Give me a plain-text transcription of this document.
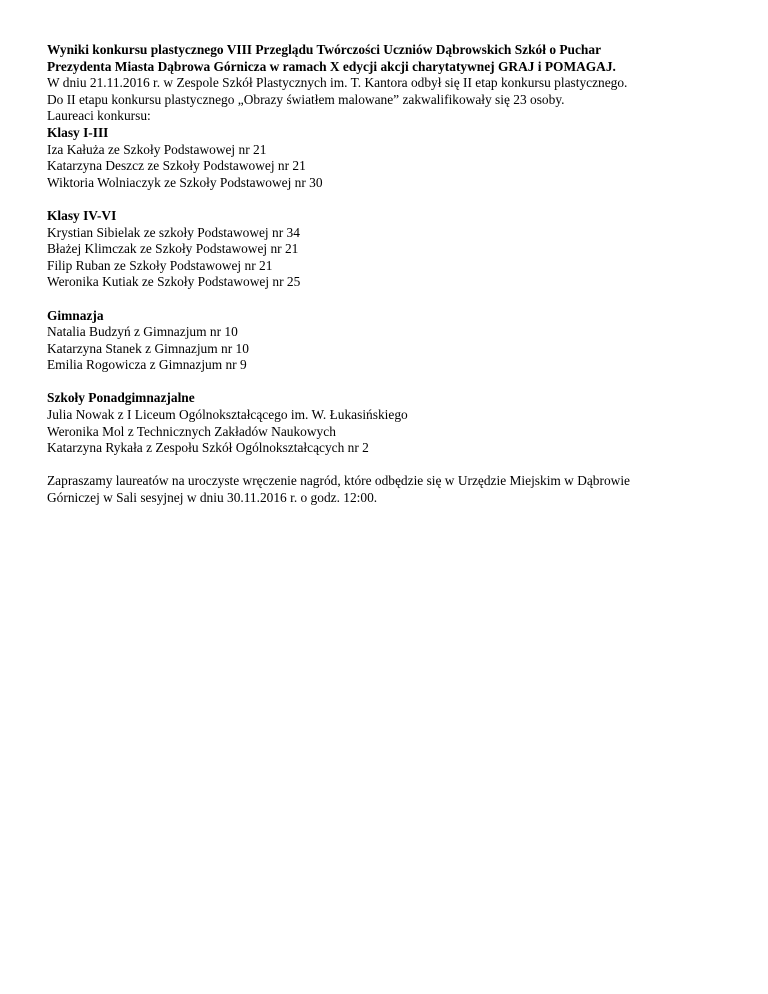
Wyniki konkursu plastycznego VIII Przeglądu Twórczości Uczniów Dąbrowskich Szkół o Puchar
Prezydenta Miasta Dąbrowa Górnicza w ramach X edycji akcji charytatywnej GRAJ i POMAGAJ.
W dniu 21.11.2016 r. w Zespole Szkół Plastycznych im. T. Kantora odbył się II etap konkursu plastycznego.
Do II etapu konkursu plastycznego „Obrazy światłem malowane” zakwalifikowały się 23 osoby.
Laureaci konkursu:
Klasy I-III
Iza Kałuża ze Szkoły Podstawowej nr 21
Katarzyna Deszcz ze Szkoły Podstawowej nr 21
Wiktoria Wolniaczyk ze Szkoły Podstawowej nr 30
Klasy IV-VI
Krystian Sibielak ze szkoły Podstawowej nr 34
Błażej Klimczak ze Szkoły Podstawowej nr 21
Filip Ruban ze Szkoły Podstawowej nr 21
Weronika Kutiak ze Szkoły Podstawowej nr 25
Gimnazja
Natalia Budzyń z Gimnazjum nr 10
Katarzyna Stanek z Gimnazjum nr 10
Emilia Rogowicza z Gimnazjum nr 9
Szkoły Ponadgimnazjalne
Julia Nowak z I Liceum Ogólnokształcącego im. W. Łukasińskiego
Weronika Mol z Technicznych Zakładów Naukowych
Katarzyna Rykała z Zespołu Szkół Ogólnokształcących nr 2
Zapraszamy laureatów na uroczyste wręczenie nagród, które odbędzie się w Urzędzie Miejskim w Dąbrowie
Górniczej w Sali sesyjnej w dniu 30.11.2016 r. o godz. 12:00.
